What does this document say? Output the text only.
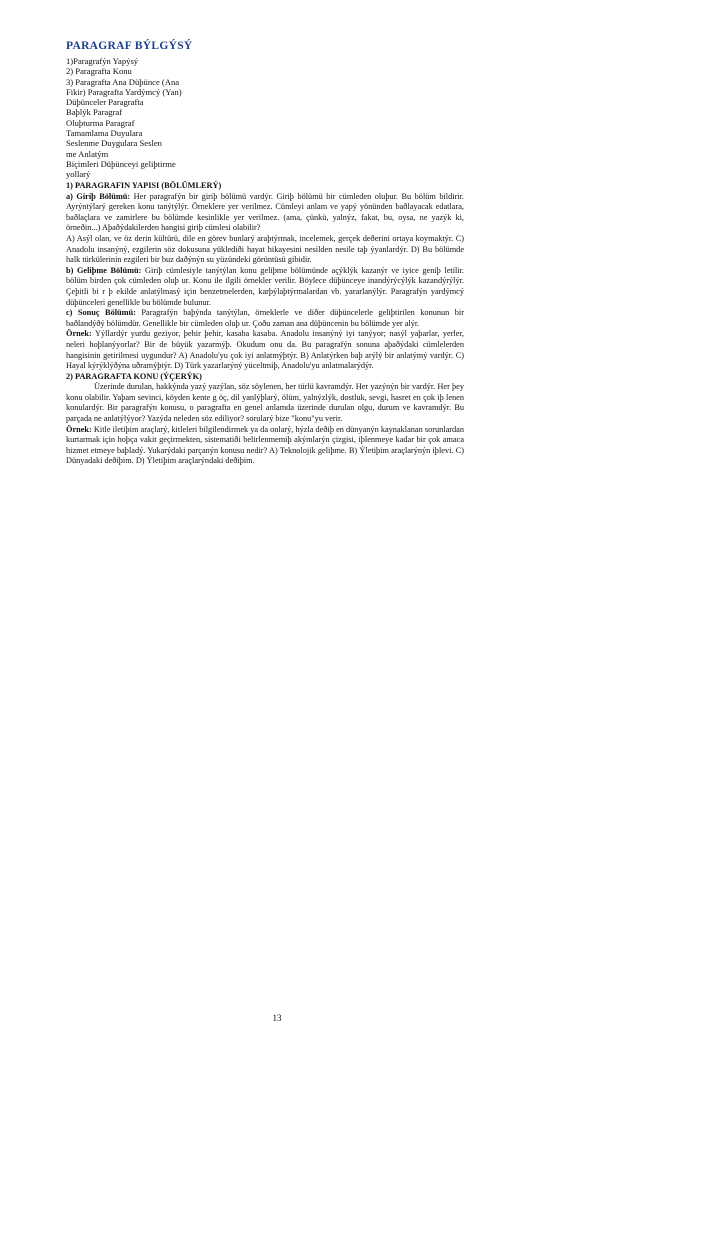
PARAGRAF BÝLGÝSÝ
1)Paragrafýn Yapýsý
2) Paragrafta Konu
3) Paragrafta Ana Düþünce (Ana
Fikir) Paragrafta Yardýmcý (Yan)
Düþünceler Paragrafta
Baþlýk Paragraf
Oluþturma Paragraf
Tamamlama Duyulara
Seslenme Duygulara Seslen
me Anlatým
Biçimleri Düþünceyi geliþtirme
yollarý

1) PARAGRAFIN YAPISI (BÖLÜMLERÝ)

a) Giriþ Bölümü: Her paragrafýn bir giriþ bölümü vardýr. Giriþ bölümü bir cümleden oluþur. Bu bölüm bildirir. Ayrýntýlarý gereken konu tanýtýlýr. Örneklere yer verilmez. Cümleyi anlam ve yapý yönünden baðlayacak edatlara, baðlaçlara ve zamirlere bu bölümde kesinlikle yer verilmez. (ama, çünkü, yalnýz, fakat, bu, oysa, ne yazýk ki, örneðin...) Aþaðýdakilerden hangisi giriþ cümlesi olabilir?

A) Asýl olan, ve öz derin kültürü, dile en görev bunlarý araþtýrmak, incelemek, gerçek deðerini ortaya koymaktýr. C) Anadolu insanýný, ezgilerin söz dokusuna yüklediði hayat hikayesini nesilden nesile taþ ýyanlardýr. D) Bu bölümde halk türkülerinin ezgileri bir buz daðýnýn su yüzündeki görüntüsü gibidir.

b) Geliþme Bölümü: Giriþ cümlesiyle tanýtýlan konu geliþme bölümünde açýklýk kazanýr ve iyice geniþ letilir. bölüm birden çok cümleden oluþ ur. Konu ile ilgili örnekler verilir. Böylece düþünceye inandýrýcýlýk kazandýrýlýr. Çeþitli bi r þ ekilde anlatýlmasý için benzetmelerden, karþýlaþtýrmalardan vb. yararlanýlýr. Paragrafýn yardýmcý düþünceleri genellikle bu bölümde bulunur.

c) Sonuç Bölümü: Paragrafýn baþýnda tanýtýlan, örneklerle ve diðer düþüncelerle geliþtirilen konunun bir baðlandýðý bölümdür. Genellikle bir cümleden oluþ ur. Çoðu zaman ana düþüncenin bu bölümde yer alýr.

Örnek: Yýllardýr yurdu geziyor, þehir þehir, kasaba kasaba. Anadolu insanýný iyi tanýyor; nasýl yaþarlar, yerler, neleri hoþlanýyorlar? Bir de büyük yazarmýþ. Okudum onu da. Bu paragrafýn sonuna aþaðýdaki cümlelerden hangisinin getirilmesi uygundur? A) Anadolu'yu çok iyi anlatmýþtýr. B) Anlatýrken baþ arýlý bir anlatýmý vardýr. C) Hayal kýrýklýðýna uðramýþtýr. D) Türk yazarlarýný yüceltmiþ, Anadolu'yu anlatmalarýdýr.

2) PARAGRAFTA KONU (ÝÇERÝK)

Üzerinde durulan, hakkýnda yazý yazýlan, söz söylenen, her türlü kavramdýr. Her yazýnýn bir vardýr. Her þey konu olabilir. Yaþam sevinci, köyden kente g öç, dil yanlýþlarý, ölüm, yalnýzlýk, dostluk, sevgi, hasret en çok iþ lenen konulardýr. Bir paragrafýn konusu, o paragrafta en genel anlamda üzerinde durulan olgu, durum ve kavramdýr. Bu parçada ne anlatýlýyor? Yazýda neleden söz ediliyor? sorularý bize "konu"yu verir.

Örnek: Kitle iletiþim araçlarý, kitleleri bilgilendirmek ya da onlarý, hýzla deðiþ en dünyanýn kaynaklanan sorunlardan kurtarmak için hoþça vakit geçirmekten, sistematiði belirlenmemiþ akýmlarýn çizgisi, iþlenmeye kadar bir çok amaca hizmet etmeye baþladý. Yukarýdaki parçanýn konusu nedir? A) Teknolojik geliþme. B) Ýletiþim araçlarýnýn iþlevi. C) Dünyadaki deðiþim. D) Ýletiþim araçlarýndaki deðiþim.

13
